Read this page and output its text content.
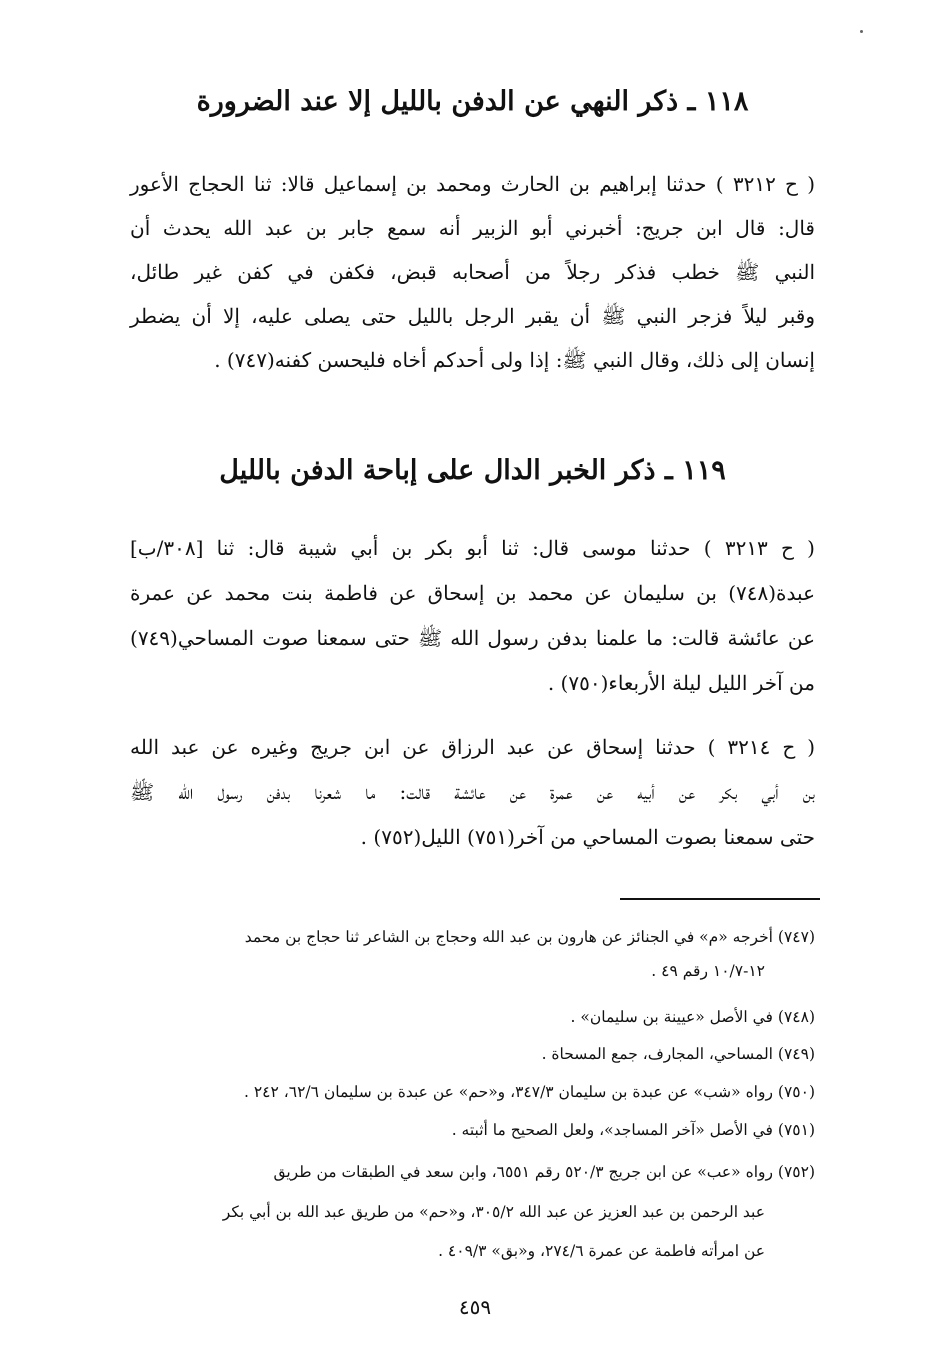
١١٨ ـ ذكر النهي عن الدفن بالليل إلا عند الضرورة
( ح ٣٢١٢ ) حدثنا إبراهيم بن الحارث ومحمد بن إسماعيل قالا: ثنا الحجاج الأعور
قال: قال ابن جريج: أخبرني أبو الزبير أنه سمع جابر بن عبد الله يحدث أن
النبي ﷺ خطب فذكر رجلاً من أصحابه قبض، فكفن في كفن غير طائل،
وقبر ليلاً فزجر النبي ﷺ أن يقبر الرجل بالليل حتى يصلى عليه، إلا أن يضطر
إنسان إلى ذلك، وقال النبي ﷺ: إذا ولى أحدكم أخاه فليحسن كفنه(٧٤٧) .
١١٩ ـ ذكر الخبر الدال على إباحة الدفن بالليل
( ح ٣٢١٣ ) حدثنا موسى قال: ثنا أبو بكر بن أبي شيبة قال: ثنا [٣٠٨/ب]
عبدة(٧٤٨) بن سليمان عن محمد بن إسحاق عن فاطمة بنت محمد عن عمرة
عن عائشة قالت: ما علمنا بدفن رسول الله ﷺ حتى سمعنا صوت المساحي(٧٤٩)
من آخر الليل ليلة الأربعاء(٧٥٠) .
( ح ٣٢١٤ ) حدثنا إسحاق عن عبد الرزاق عن ابن جريج وغيره عن عبد الله
بن أبي بكر عن أبيه عن عمرة عن عائشة قالت: ما شعرنا بدفن رسول الله ﷺ
حتى سمعنا بصوت المساحي من آخر(٧٥١) الليل(٧٥٢) .
(٧٤٧) أخرجه «م» في الجنائز عن هارون بن عبد الله وحجاج بن الشاعر ثنا حجاج بن محمد
١٢-١٠/٧ رقم ٤٩ .
(٧٤٨) في الأصل «عيينة بن سليمان» .
(٧٤٩) المساحي، المجارف، جمع المسحاة .
(٧٥٠) رواه «شب» عن عبدة بن سليمان ٣٤٧/٣، و«حم» عن عبدة بن سليمان ٦٢/٦، ٢٤٢ .
(٧٥١) في الأصل «آخر المساجد»، ولعل الصحيح ما أثبته .
(٧٥٢) رواه «عب» عن ابن جريج ٥٢٠/٣ رقم ٦٥٥١، وابن سعد في الطبقات من طريق
عبد الرحمن بن عبد العزيز عن عبد الله ٣٠٥/٢، و«حم» من طريق عبد الله بن أبي بكر
عن امرأته فاطمة عن عمرة ٢٧٤/٦، و«بق» ٤٠٩/٣ .
٤٥٩
